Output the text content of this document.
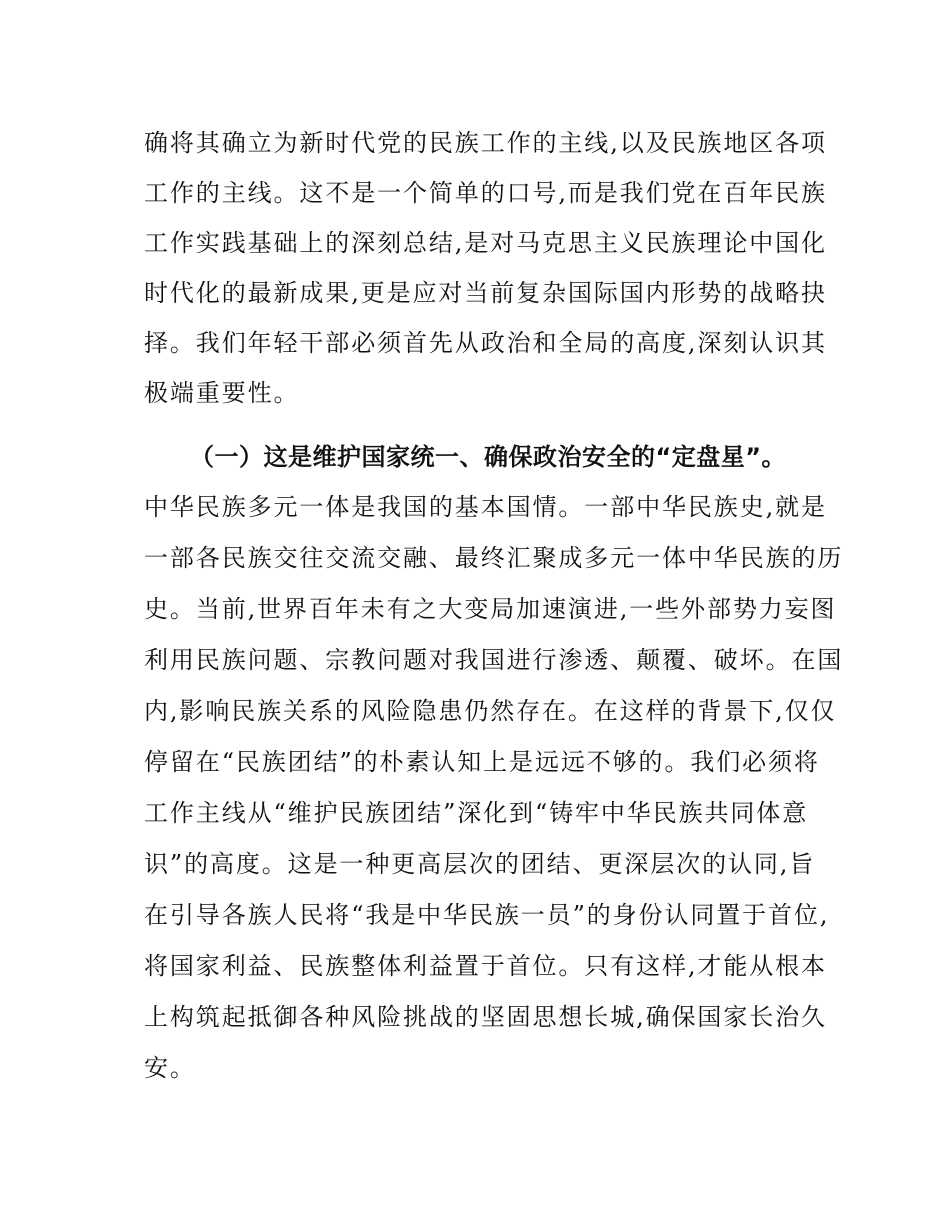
确将其确立为新时代党的民族工作的主线,以及民族地区各项
工作的主线。这不是一个简单的口号,而是我们党在百年民族
工作实践基础上的深刻总结,是对马克思主义民族理论中国化
时代化的最新成果,更是应对当前复杂国际国内形势的战略抉
择。我们年轻干部必须首先从政治和全局的高度,深刻认识其
极端重要性。
（一）这是维护国家统一、确保政治安全的“定盘星”。
中华民族多元一体是我国的基本国情。一部中华民族史,就是
一部各民族交往交流交融、最终汇聚成多元一体中华民族的历
史。当前,世界百年未有之大变局加速演进,一些外部势力妄图
利用民族问题、宗教问题对我国进行渗透、颠覆、破坏。在国
内,影响民族关系的风险隐患仍然存在。在这样的背景下,仅仅
停留在“民族团结”的朴素认知上是远远不够的。我们必须将
工作主线从“维护民族团结”深化到“铸牢中华民族共同体意
识”的高度。这是一种更高层次的团结、更深层次的认同,旨
在引导各族人民将“我是中华民族一员”的身份认同置于首位,
将国家利益、民族整体利益置于首位。只有这样,才能从根本
上构筑起抵御各种风险挑战的坚固思想长城,确保国家长治久
安。
